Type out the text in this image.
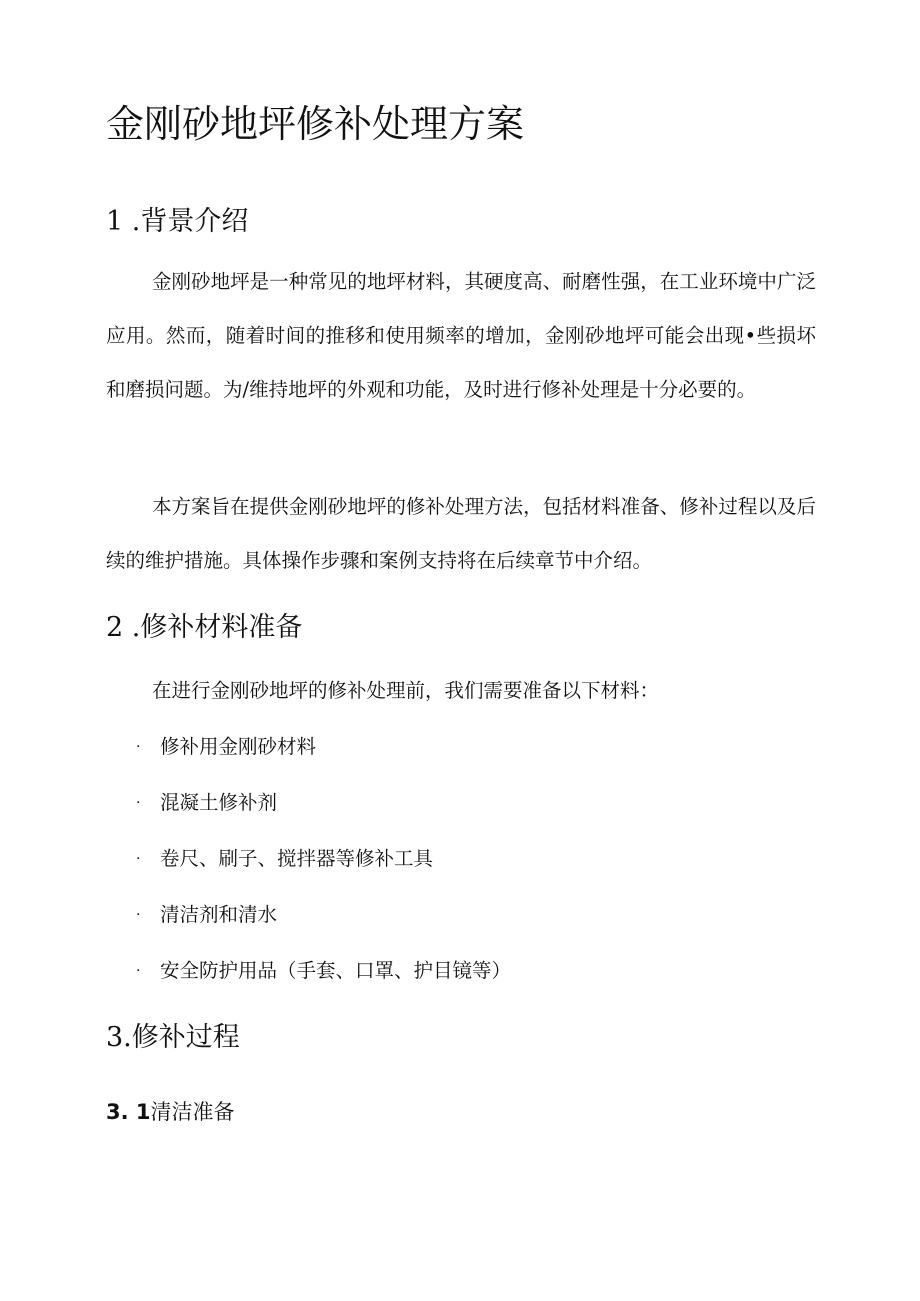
金刚砂地坪修补处理方案
1 .背景介绍

金刚砂地坪是一种常见的地坪材料，其硬度高、耐磨性强，在工业环境中广泛应用。然而，随着时间的推移和使用频率的增加，金刚砂地坪可能会出现•些损坏和磨损问题。为/维持地坪的外观和功能，及时进行修补处理是十分必要的。

本方案旨在提供金刚砂地坪的修补处理方法，包括材料准备、修补过程以及后续的维护措施。具体操作步骤和案例支持将在后续章节中介绍。

2 .修补材料准备

在进行金刚砂地坪的修补处理前，我们需要准备以下材料：

· 修补用金刚砂材料
· 混凝土修补剂
· 卷尺、刷子、搅拌器等修补工具
· 清洁剂和清水
· 安全防护用品（手套、口罩、护目镜等）
3.修补过程
3. 1清洁准备
